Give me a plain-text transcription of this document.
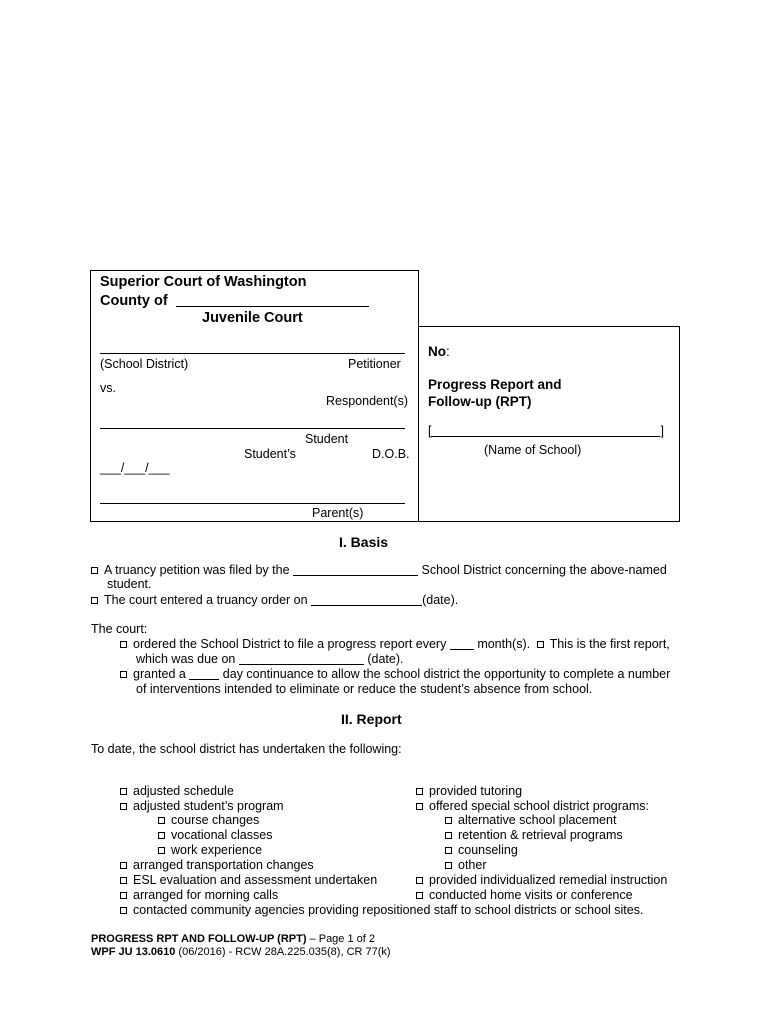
Superior Court of Washington
County of
Juvenile Court
(School District)	Petitioner
vs.
Respondent(s)
Student
Student’s	D.O.B.
___/___/___
Parent(s)
No:
Progress Report and
Follow-up (RPT)
[	]
(Name of School)
I. Basis
A truancy petition was filed by the	School District concerning the above-named
student.
The court entered a truancy order on	(date).
The court:
ordered the School District to file a progress report every month(s). This is the first report,
which was due on	(date).
granted a	day continuance to allow the school district the opportunity to complete a number
of interventions intended to eliminate or reduce the student’s absence from school.
II. Report
To date, the school district has undertaken the following:
adjusted schedule
adjusted student’s program
course changes
vocational classes
work experience
arranged transportation changes
ESL evaluation and assessment undertaken
arranged for morning calls
provided tutoring
offered special school district programs:
alternative school placement
retention & retrieval programs
counseling
other
provided individualized remedial instruction
conducted home visits or conference
contacted community agencies providing repositioned staff to school districts or school sites.
PROGRESS RPT AND FOLLOW-UP (RPT) – Page 1 of 2
WPF JU 13.0610 (06/2016) - RCW 28A.225.035(8), CR 77(k)
